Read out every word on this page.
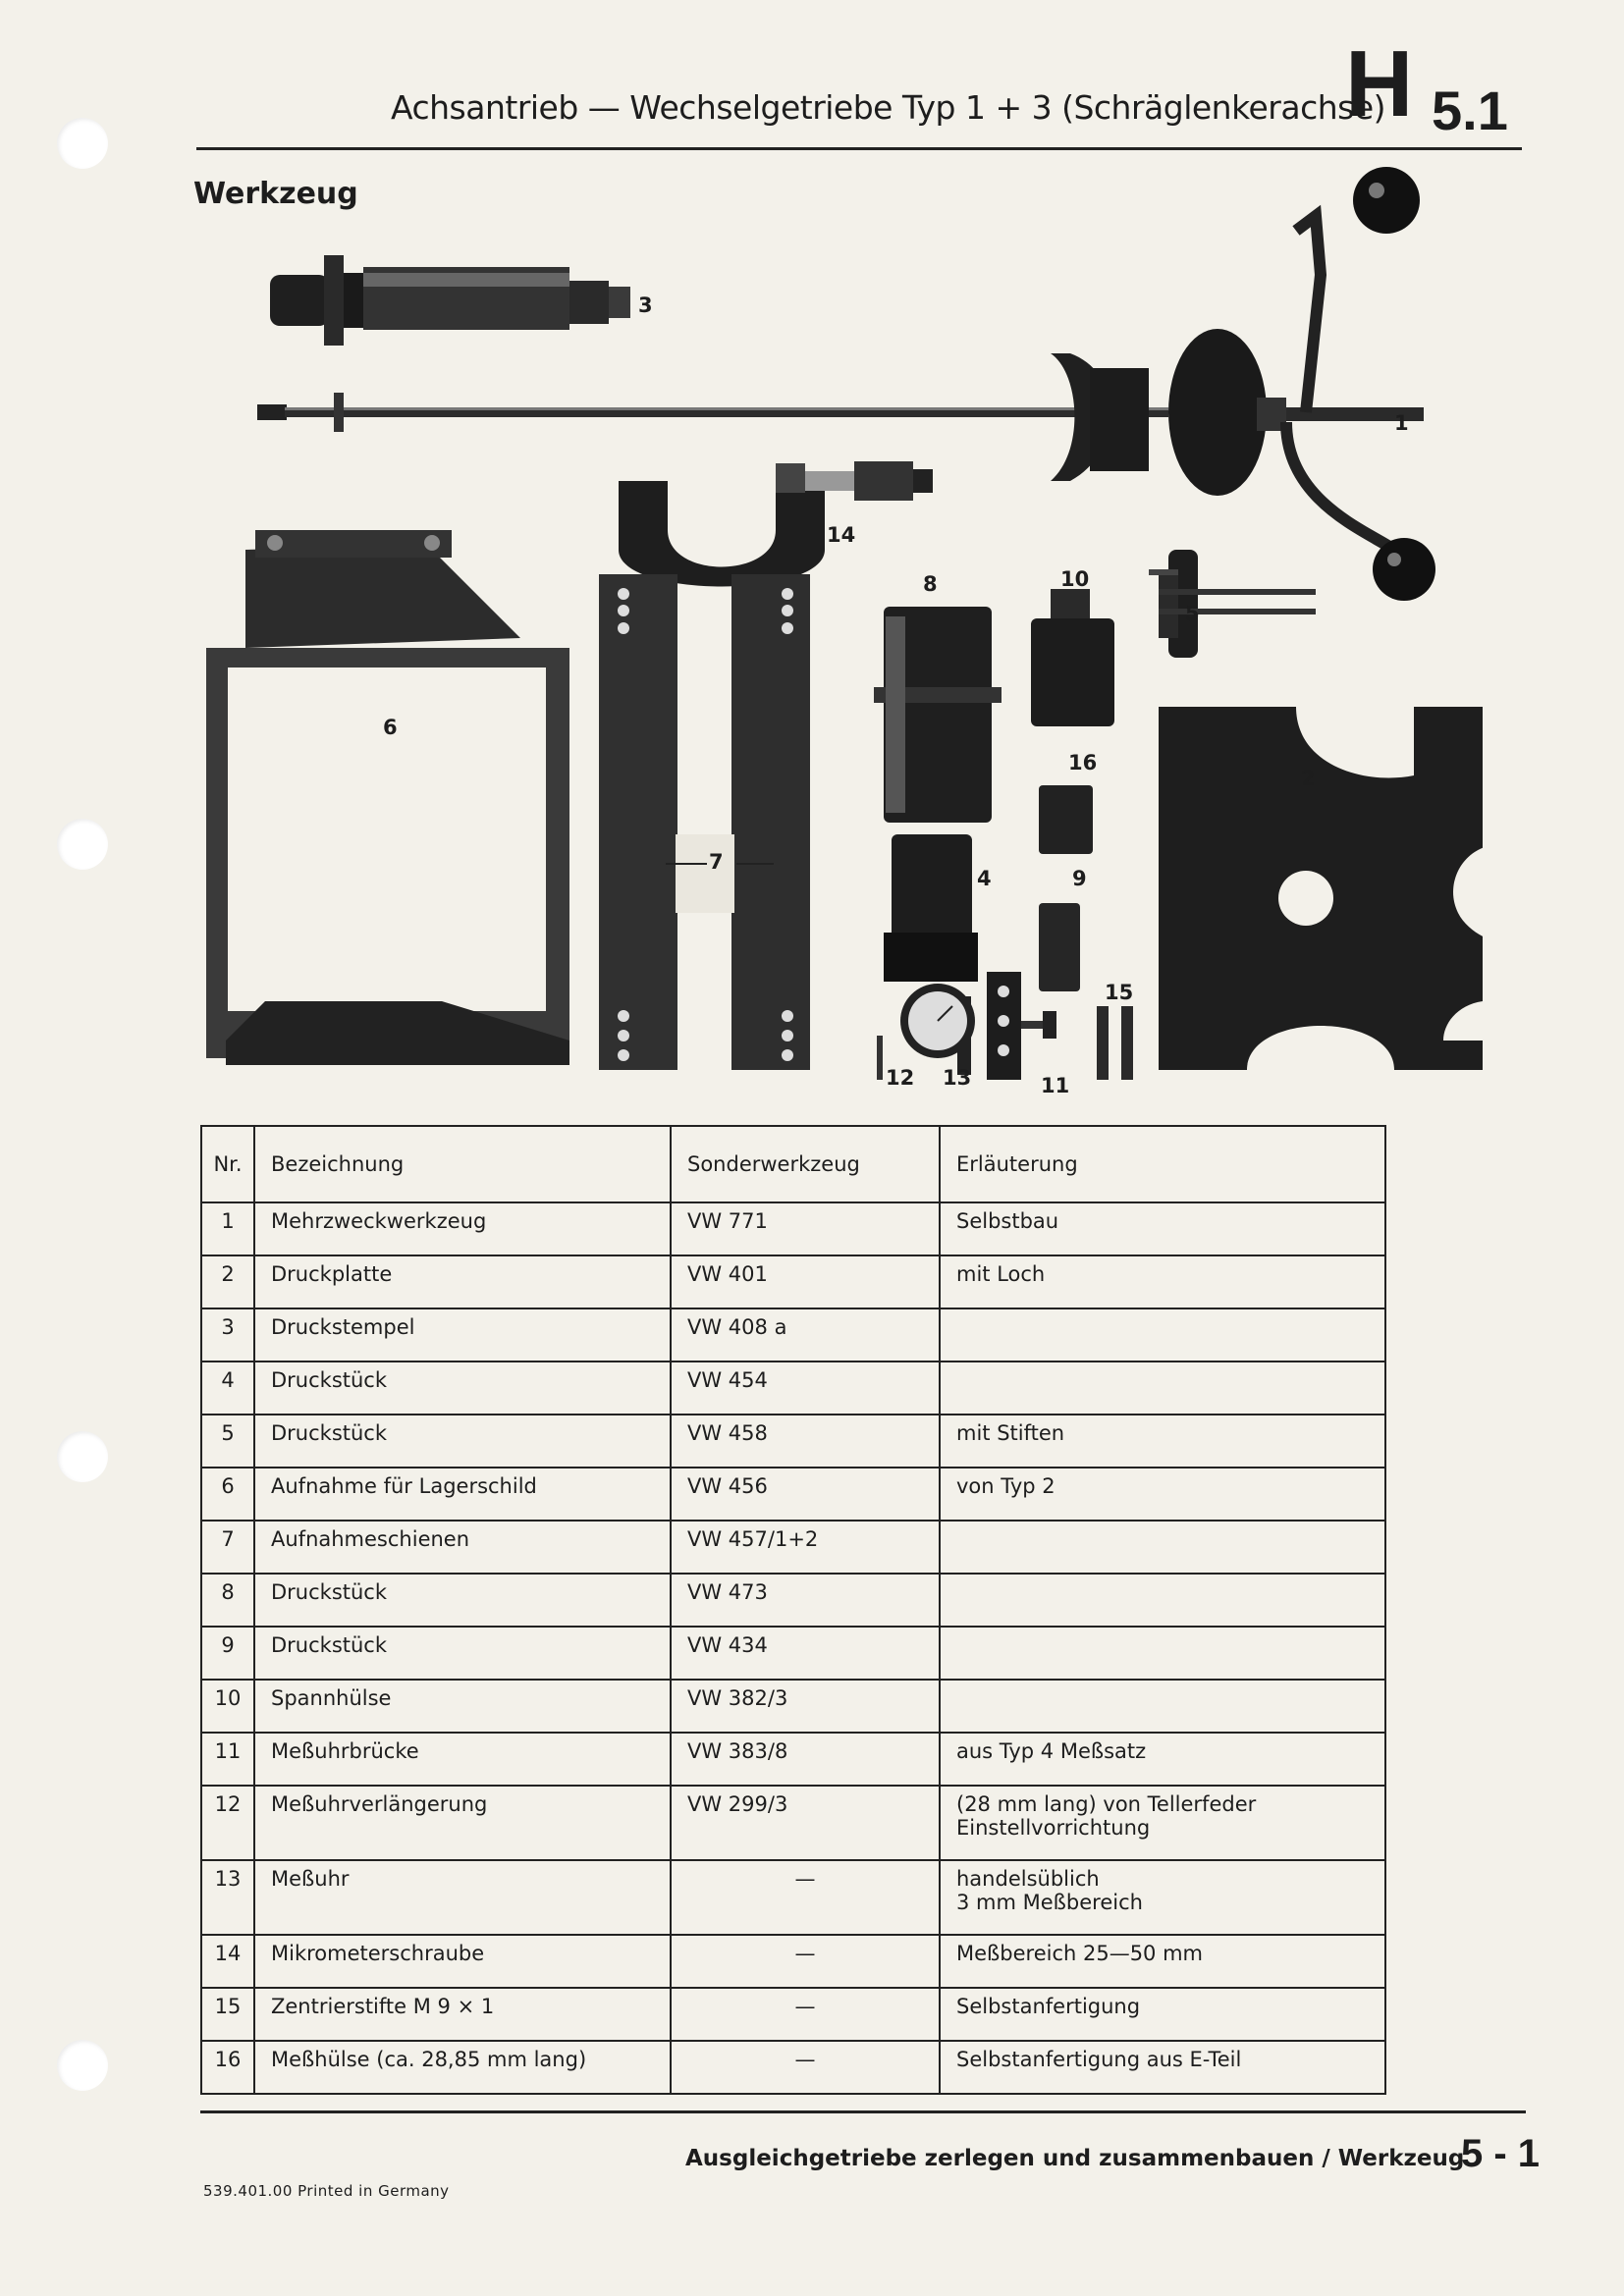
Achsantrieb — Wechselgetriebe Typ 1 + 3 (Schräglenkerachse)
H 5.1
Werkzeug
1
2
3
4
5
6
7
8
9
10
11
12 13
14
15
16
Nr.	Bezeichnung	Sonderwerkzeug	Erläuterung
1	Mehrzweckwerkzeug	VW 771	Selbstbau
2	Druckplatte	VW 401	mit Loch
3	Druckstempel	VW 408 a	
4	Druckstück	VW 454	
5	Druckstück	VW 458	mit Stiften
6	Aufnahme für Lagerschild	VW 456	von Typ 2
7	Aufnahmeschienen	VW 457/1+2	
8	Druckstück	VW 473	
9	Druckstück	VW 434	
10	Spannhülse	VW 382/3	
11	Meßuhrbrücke	VW 383/8	aus Typ 4 Meßsatz
12	Meßuhrverlängerung	VW 299/3	(28 mm lang) von Tellerfeder
Einstellvorrichtung
13	Meßuhr	—	handelsüblich
3 mm Meßbereich
14	Mikrometerschraube	—	Meßbereich 25—50 mm
15	Zentrierstifte M 9 × 1	—	Selbstanfertigung
16	Meßhülse (ca. 28,85 mm lang)	—	Selbstanfertigung aus E-Teil
Ausgleichgetriebe zerlegen und zusammenbauen / Werkzeug
5 - 1
539.401.00 Printed in Germany
